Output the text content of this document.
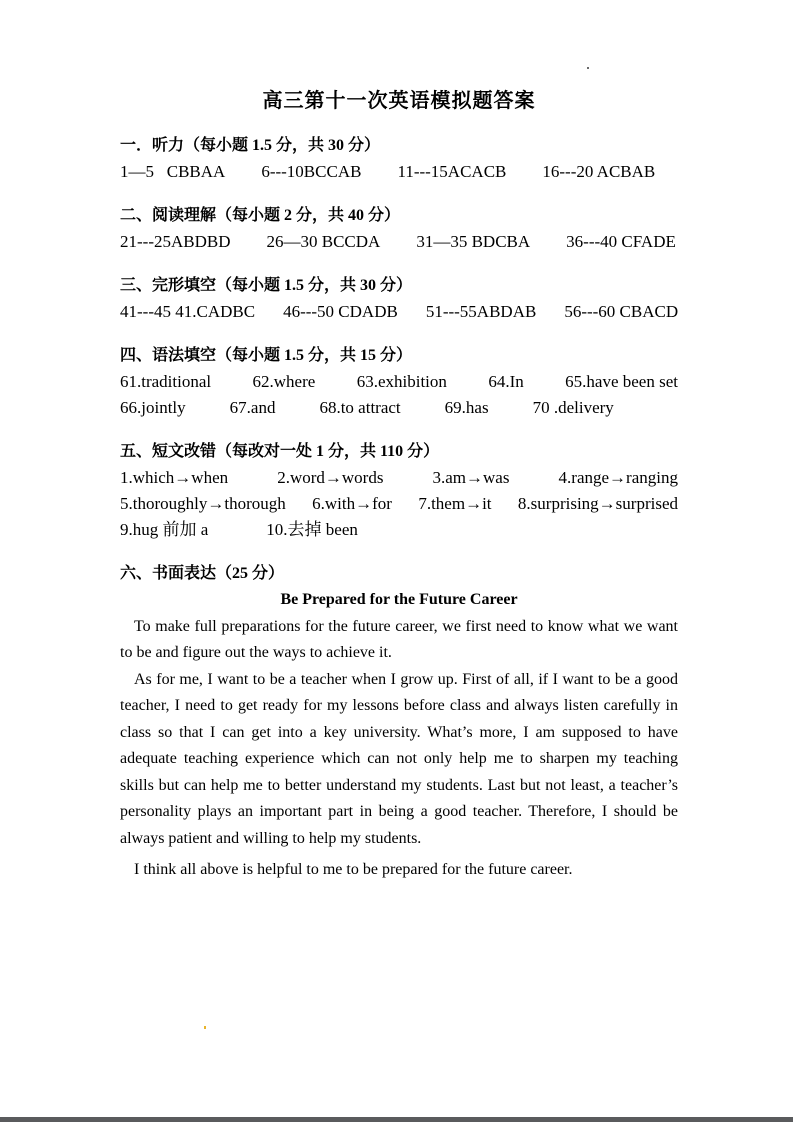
高三第十一次英语模拟题答案
一．听力（每小题 1.5 分，共 30 分）
1—5   CBBAA 6---10BCCAB 11---15ACACB 16---20 ACBAB
二、阅读理解（每小题 2 分，共 40 分）
21---25ABDBD 26—30 BCCDA 31—35 BDCBA 36---40 CFADE
三、完形填空（每小题 1.5 分，共 30 分）
41---45 41.CADBC 46---50 CDADB 51---55ABDAB 56---60 CBACD
四、语法填空（每小题 1.5 分，共 15 分）
61.traditional 62.where 63.exhibition 64.In 65.have been set
66.jointly	67.and	68.to attract	69.has	70 .delivery
五、短文改错（每改对一处 1 分，共 110 分）
1.which→when	2.word→words	3.am→was	4.range→ranging
5.thoroughly→thorough 6.with→for 7.them→it 8.surprising→surprised
9.hug 前加 a	10.去掉 been
六、书面表达（25 分）
Be Prepared for the Future Career

To make full preparations for the future career, we first need to know what we want to be and figure out the ways to achieve it.

As for me, I want to be a teacher when I grow up. First of all, if I want to be a good teacher, I need to get ready for my lessons before class and always listen carefully in class so that I can get into a key university. What’s more, I am supposed to have adequate teaching experience which can not only help me to sharpen my teaching skills but can help me to better understand my students. Last but not least, a teacher’s personality plays an important part in being a good teacher. Therefore, I should be always patient and willing to help my students.

I think all above is helpful to me to be prepared for the future career.
